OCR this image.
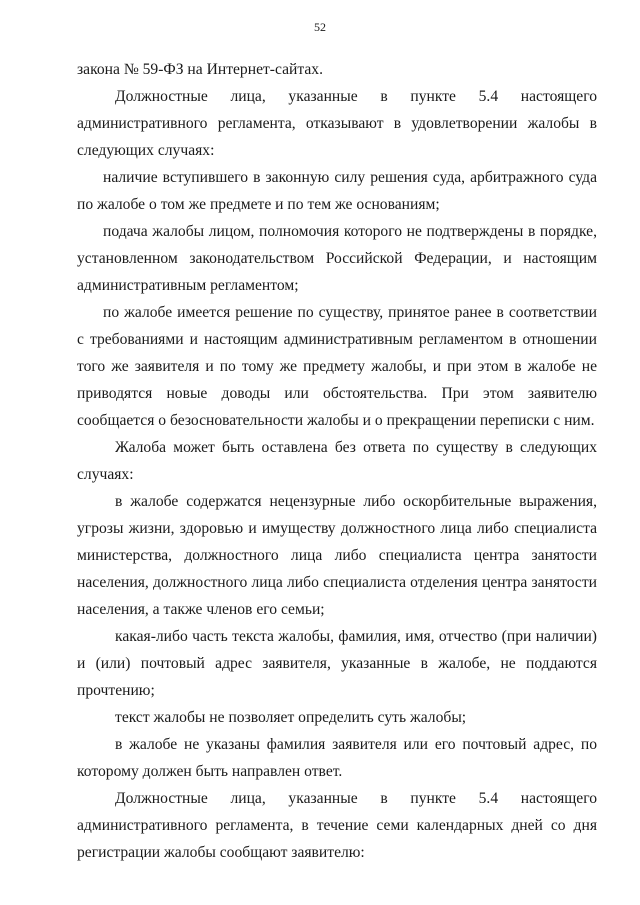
52

закона № 59-ФЗ на Интернет-сайтах.

Должностные лица, указанные в пункте 5.4 настоящего административного регламента, отказывают в удовлетворении жалобы в следующих случаях:

наличие вступившего в законную силу решения суда, арбитражного суда по жалобе о том же предмете и по тем же основаниям;

подача жалобы лицом, полномочия которого не подтверждены в порядке, установленном законодательством Российской Федерации, и настоящим административным регламентом;

по жалобе имеется решение по существу, принятое ранее в соответствии с требованиями и настоящим административным регламентом в отношении того же заявителя и по тому же предмету жалобы, и при этом в жалобе не приводятся новые доводы или обстоятельства. При этом заявителю сообщается о безосновательности жалобы и о прекращении переписки с ним.

Жалоба может быть оставлена без ответа по существу в следующих случаях:

в жалобе содержатся нецензурные либо оскорбительные выражения, угрозы жизни, здоровью и имуществу должностного лица либо специалиста министерства, должностного лица либо специалиста центра занятости населения, должностного лица либо специалиста отделения центра занятости населения, а также членов его семьи;

какая-либо часть текста жалобы, фамилия, имя, отчество (при наличии) и (или) почтовый адрес заявителя, указанные в жалобе, не поддаются прочтению;

текст жалобы не позволяет определить суть жалобы;

в жалобе не указаны фамилия заявителя или его почтовый адрес, по которому должен быть направлен ответ.

Должностные лица, указанные в пункте 5.4 настоящего административного регламента, в течение семи календарных дней со дня регистрации жалобы сообщают заявителю:
